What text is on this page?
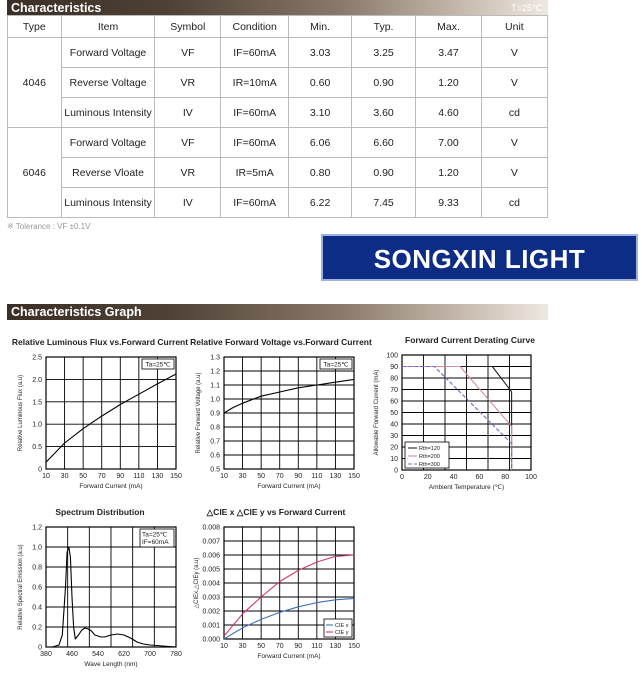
Characteristics	T=25℃
Type	Item	Symbol	Condition	Min.	Typ.	Max.	Unit
4046	Forward Voltage	VF	IF=60mA	3.03	3.25	3.47	V
	Reverse Voltage	VR	IR=10mA	0.60	0.90	1.20	V
	Luminous Intensity	IV	IF=60mA	3.10	3.60	4.60	cd
6046	Forward Voltage	VF	IF=60mA	6.06	6.60	7.00	V
	Reverse Vloate	VR	IR=5mA	0.80	0.90	1.20	V
	Luminous Intensity	IV	IF=60mA	6.22	7.45	9.33	cd
※ Tolerance : VF ±0.1V
SONGXIN LIGHT
Characteristics Graph
Relative Luminous Flux vs.Forward Current
10 30 50 70 90 110 130 150
0
0.5
1.0
1.5
2.0
2.5
Forward Current (mA)
Relative Luminous Flux (a.u)
Ta=25℃
Relative Forward Voltage vs.Forward Current
10 30 50 70 90 110 130 150
0.5
0.6
0.7
0.8
0.9
1.0
1.1
1.2
1.3
Forward Current (mA)
Relative Forward Voltage (a.u)
Ta=25℃
Forward Current Derating Curve
0	20	40	60	80 100
0
10
20
30
40
50
60
70
80
90
100
Ambient Temperature (℃)
Allowable Forward Current (mA)	Rth=120
Rth=200
Rth=300
Spectrum Distribution
380 460 540 620 700 780
0
0.2
0.4
0.6
0.8
1.0
1.2
Wave Length (nm)
Relative Spectral Emission (a.u)
Ta=25℃
IF=60mA
△CIE x △CIE y vs Forward Current
10 30 50 70 90 110 130 150
0.000
0.001
0.002
0.003
0.004
0.005
0.006
0.007
0.008
Forward Current (mA)
△CIEx,△CIEy (a.u)
CIE x
CIE y
